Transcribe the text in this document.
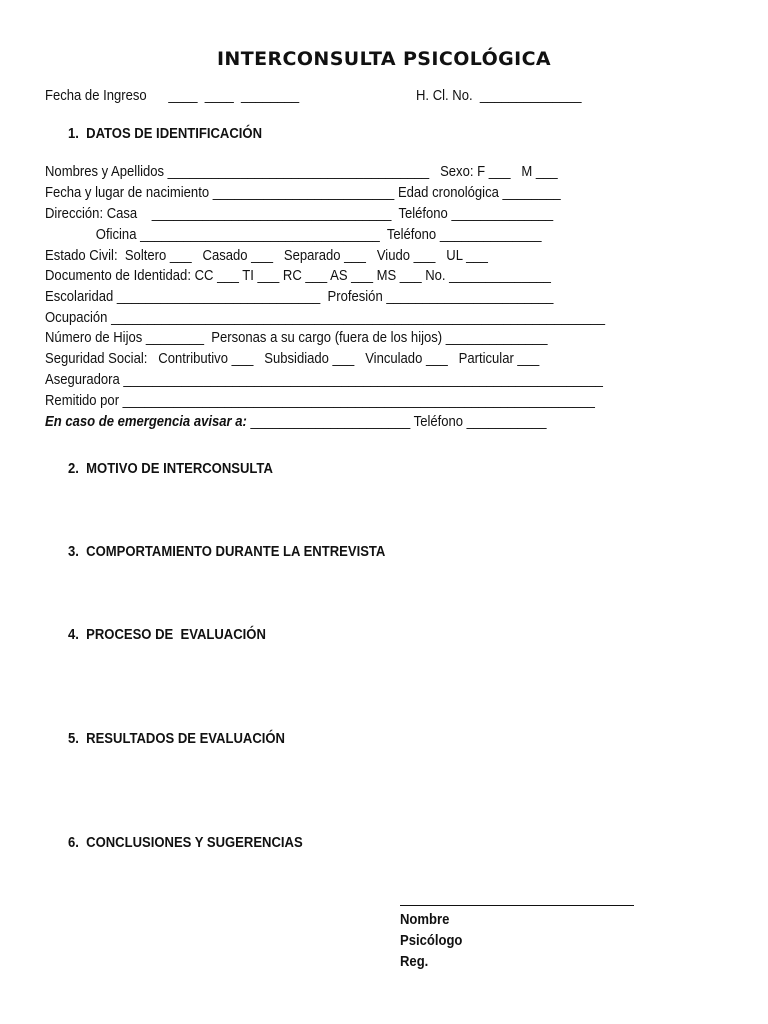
INTERCONSULTA PSICOLÓGICA
Fecha de Ingreso      ____  ____  ________	H. Cl. No.  ______________
1.  DATOS DE IDENTIFICACIÓN
Nombres y Apellidos ____________________________________   Sexo: F ___   M ___
Fecha y lugar de nacimiento _________________________ Edad cronológica ________
Dirección: Casa    _________________________________  Teléfono ______________
Oficina _________________________________  Teléfono ______________
Estado Civil:  Soltero ___   Casado ___   Separado ___   Viudo ___   UL ___
Documento de Identidad: CC ___ TI ___ RC ___ AS ___ MS ___ No. ______________
Escolaridad ____________________________  Profesión _______________________
Ocupación ____________________________________________________________________
Número de Hijos ________  Personas a su cargo (fuera de los hijos) ______________
Seguridad Social:   Contributivo ___   Subsidiado ___   Vinculado ___   Particular ___
Aseguradora __________________________________________________________________
Remitido por _________________________________________________________________
En caso de emergencia avisar a: ______________________ Teléfono ___________
2.  MOTIVO DE INTERCONSULTA
3.  COMPORTAMIENTO DURANTE LA ENTREVISTA
4.  PROCESO DE  EVALUACIÓN
5.  RESULTADOS DE EVALUACIÓN
6.  CONCLUSIONES Y SUGERENCIAS
Nombre
Psicólogo
Reg.
